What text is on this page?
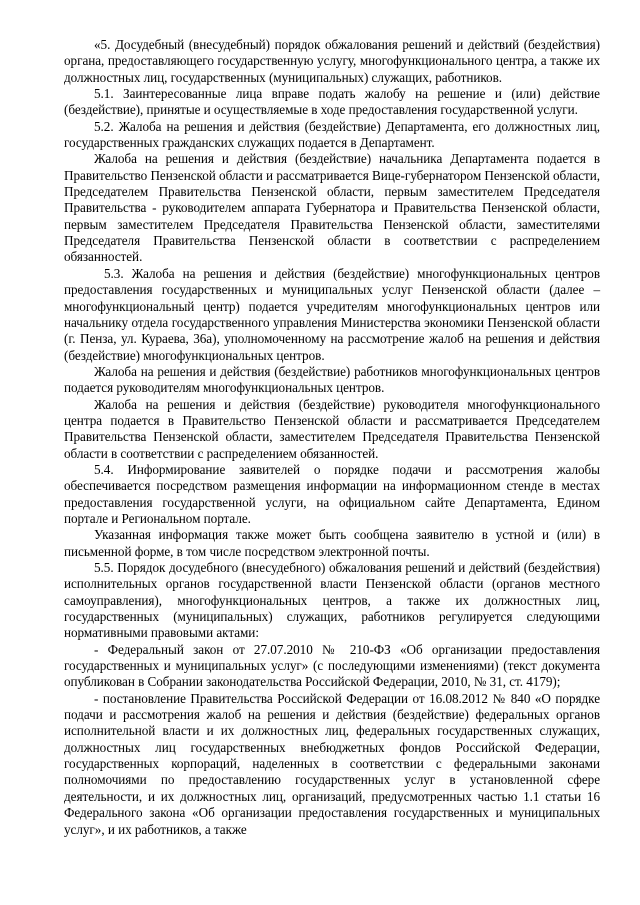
«5. Досудебный (внесудебный) порядок обжалования решений и действий (бездействия) органа, предоставляющего государственную услугу, многофункционального центра, а также их должностных лиц, государственных (муниципальных) служащих, работников.

5.1. Заинтересованные лица вправе подать жалобу на решение и (или) действие (бездействие), принятые и осуществляемые в ходе предоставления государственной услуги.

5.2. Жалоба на решения и действия (бездействие) Департамента, его должностных лиц, государственных гражданских служащих подается в Департамент.

Жалоба на решения и действия (бездействие) начальника Департамента подается в Правительство Пензенской области и рассматривается Вице-губернатором Пензенской области, Председателем Правительства Пензенской области, первым заместителем Председателя Правительства - руководителем аппарата Губернатора и Правительства Пензенской области, первым заместителем Председателя Правительства Пензенской области, заместителями Председателя Правительства Пензенской области в соответствии с распределением обязанностей.

5.3. Жалоба на решения и действия (бездействие) многофункциональных центров предоставления государственных и муниципальных услуг Пензенской области (далее – многофункциональный центр) подается учредителям многофункциональных центров или начальнику отдела государственного управления Министерства экономики Пензенской области (г. Пенза, ул. Кураева, 36а), уполномоченному на рассмотрение жалоб на решения и действия (бездействие) многофункциональных центров.

Жалоба на решения и действия (бездействие) работников многофункциональных центров подается руководителям многофункциональных центров.

Жалоба на решения и действия (бездействие) руководителя многофункционального центра подается в Правительство Пензенской области и рассматривается Председателем Правительства Пензенской области, заместителем Председателя Правительства Пензенской области в соответствии с распределением обязанностей.

5.4. Информирование заявителей о порядке подачи и рассмотрения жалобы обеспечивается посредством размещения информации на информационном стенде в местах предоставления государственной услуги, на официальном сайте Департамента, Едином портале и Региональном портале.

Указанная информация также может быть сообщена заявителю в устной и (или) в письменной форме, в том числе посредством электронной почты.

5.5. Порядок досудебного (внесудебного) обжалования решений и действий (бездействия) исполнительных органов государственной власти Пензенской области (органов местного самоуправления), многофункциональных центров, а также их должностных лиц, государственных (муниципальных) служащих, работников регулируется следующими нормативными правовыми актами:

- Федеральный закон от 27.07.2010 № 210-ФЗ «Об организации предоставления государственных и муниципальных услуг» (с последующими изменениями) (текст документа опубликован в Собрании законодательства Российской Федерации, 2010, № 31, ст. 4179);

- постановление Правительства Российской Федерации от 16.08.2012 № 840 «О порядке подачи и рассмотрения жалоб на решения и действия (бездействие) федеральных органов исполнительной власти и их должностных лиц, федеральных государственных служащих, должностных лиц государственных внебюджетных фондов Российской Федерации, государственных корпораций, наделенных в соответствии с федеральными законами полномочиями по предоставлению государственных услуг в установленной сфере деятельности, и их должностных лиц, организаций, предусмотренных частью 1.1 статьи 16 Федерального закона «Об организации предоставления государственных и муниципальных услуг», и их работников, а также
